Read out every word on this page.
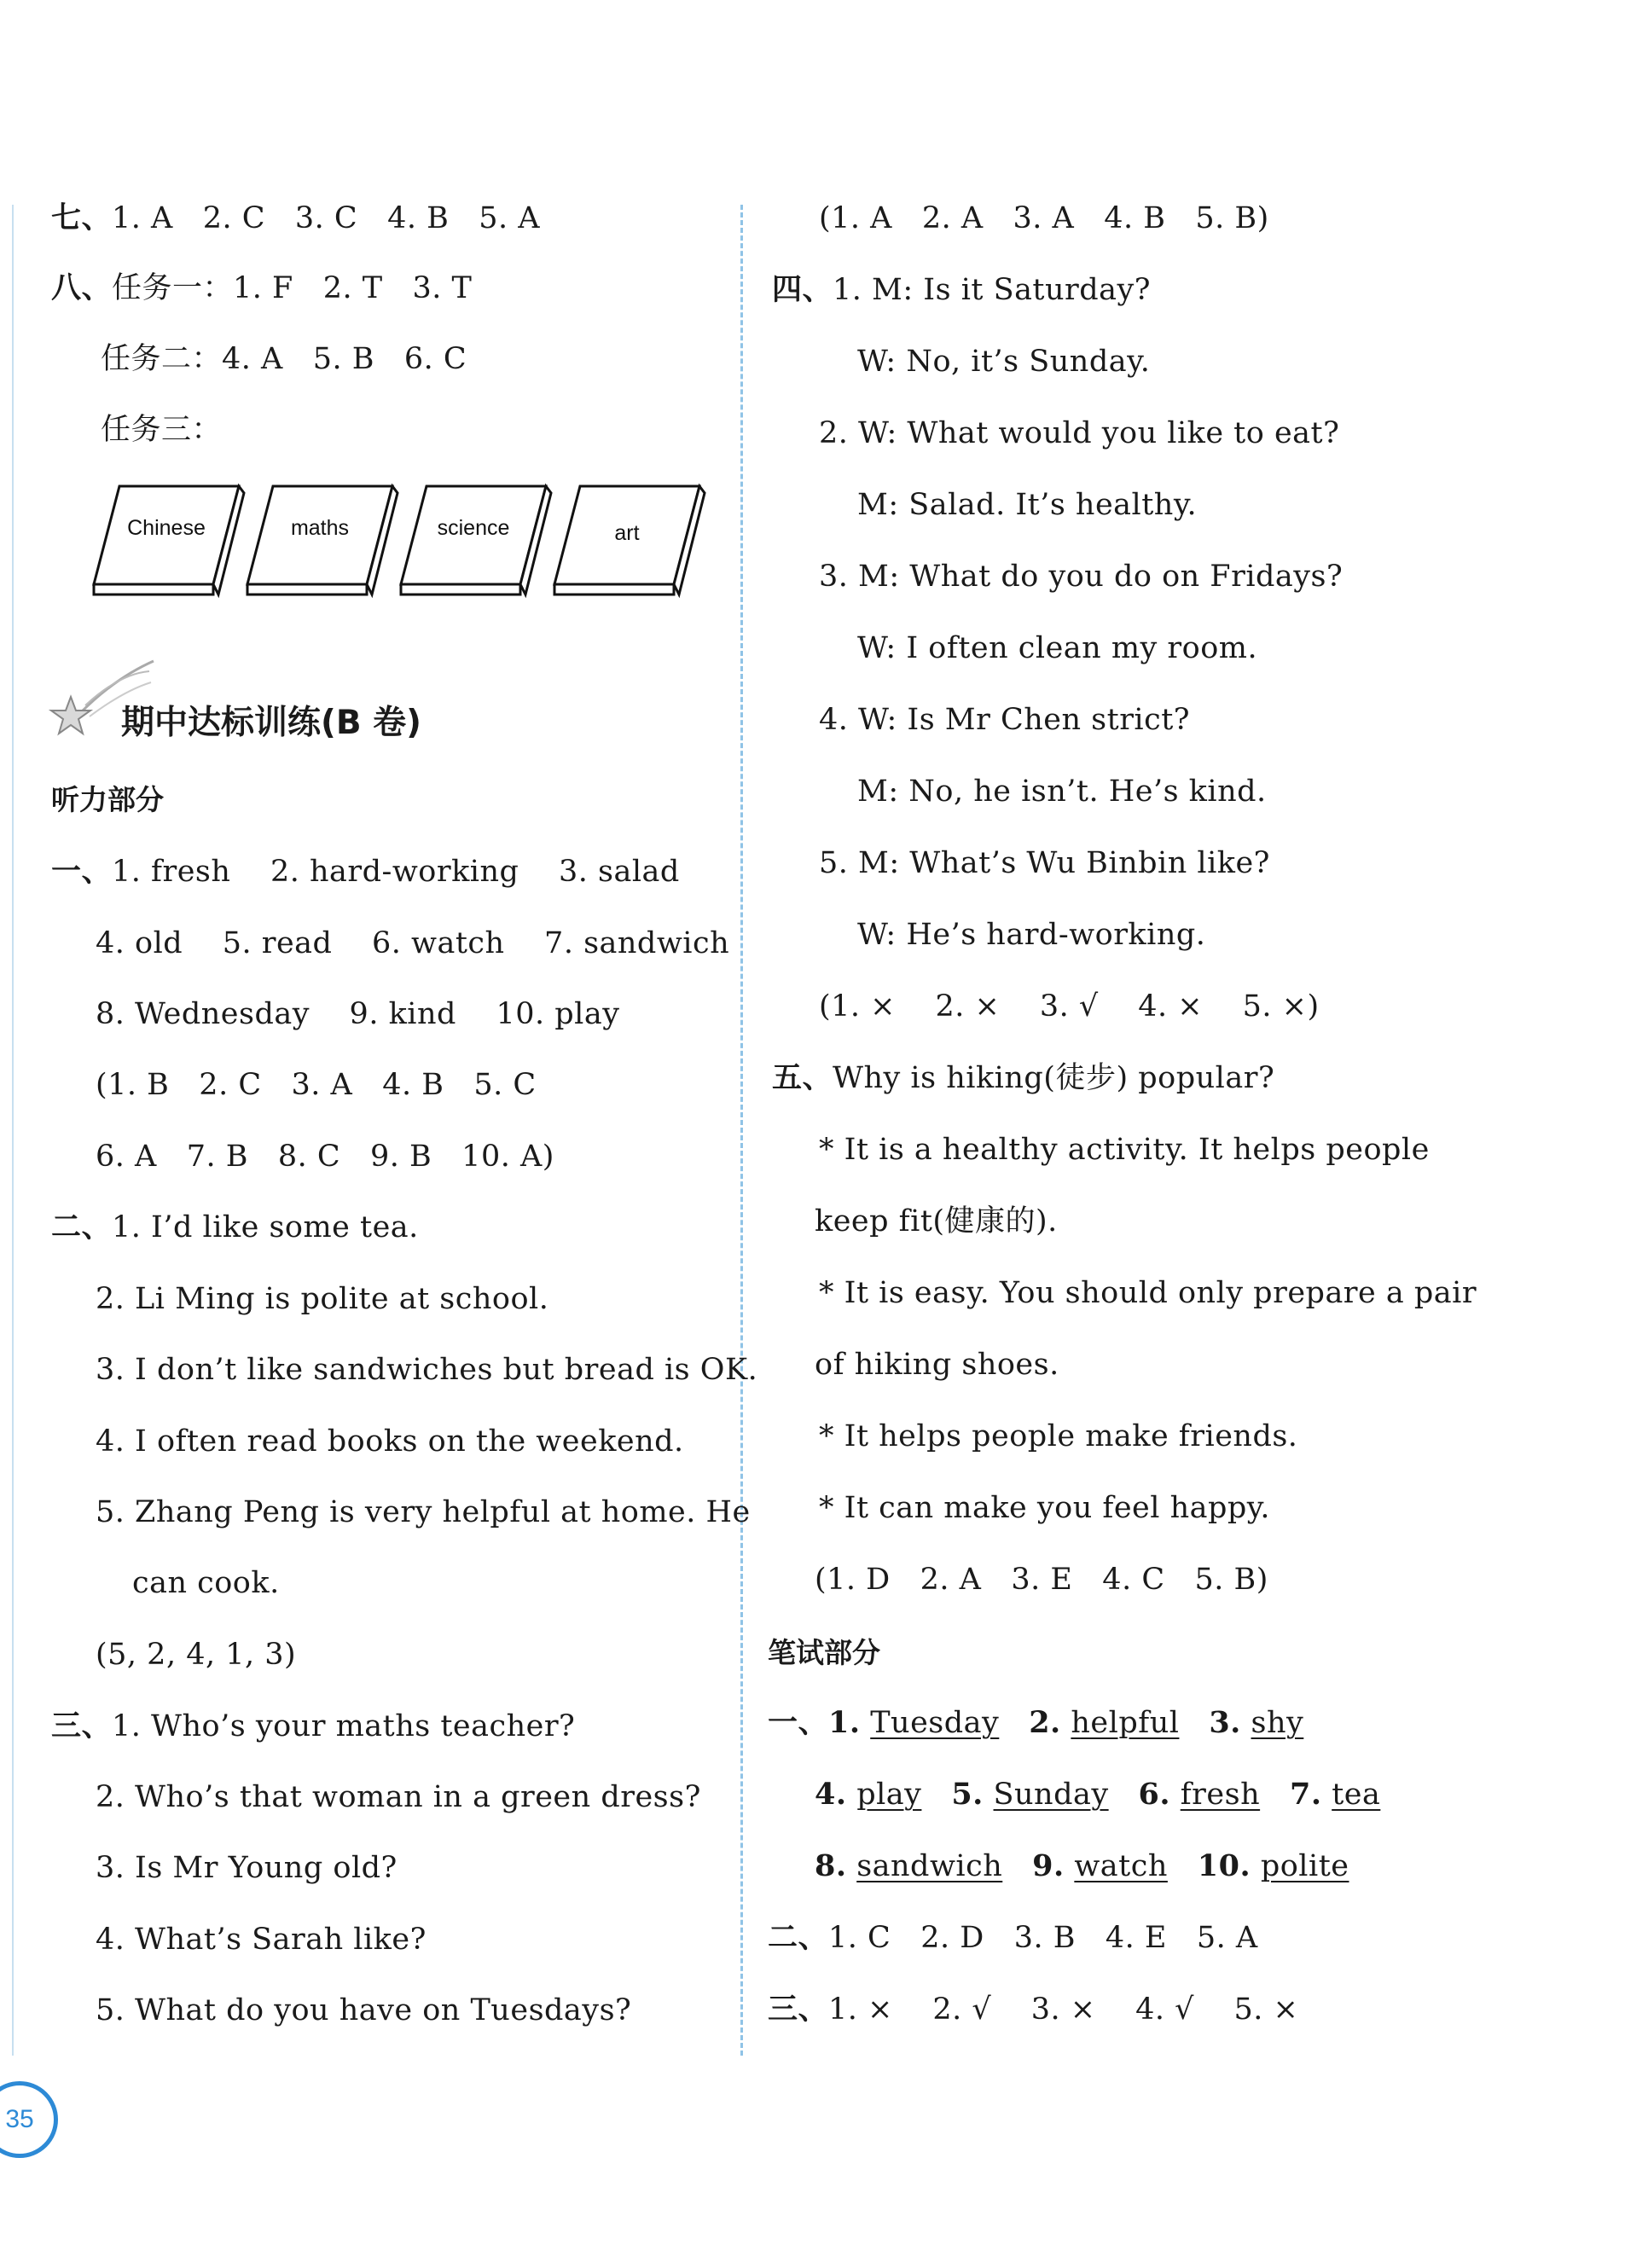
七、1. A 2. C 3. C 4. B 5. A
八、任务一：1. F 2. T 3. T
任务二：4. A 5. B 6. C
任务三：
Chinese	maths	science	art
期中达标训练(B 卷)
听力部分
一、1. fresh 2. hard-working 3. salad
4. old 5. read 6. watch 7. sandwich
8. Wednesday 9. kind 10. play
(1. B 2. C 3. A 4. B 5. C
6. A 7. B 8. C 9. B 10. A)
二、1. I’d like some tea.
2. Li Ming is polite at school.
3. I don’t like sandwiches but bread is OK.
4. I often read books on the weekend.
5. Zhang Peng is very helpful at home. He
can cook.
(5, 2, 4, 1, 3)
三、1. Who’s your maths teacher?
2. Who’s that woman in a green dress?
3. Is Mr Young old?
4. What’s Sarah like?
5. What do you have on Tuesdays?
(1. A 2. A 3. A 4. B 5. B)
四、1. M: Is it Saturday?
W: No, it’s Sunday.
2. W: What would you like to eat?
M: Salad. It’s healthy.
3. M: What do you do on Fridays?
W: I often clean my room.
4. W: Is Mr Chen strict?
M: No, he isn’t. He’s kind.
5. M: What’s Wu Binbin like?
W: He’s hard-working.
(1. × 2. × 3. √ 4. × 5. ×)
五、Why is hiking(徒步) popular?
* It is a healthy activity. It helps people
keep fit(健康的).
* It is easy. You should only prepare a pair
of hiking shoes.
* It helps people make friends.
* It can make you feel happy.
(1. D 2. A 3. E 4. C 5. B)
笔试部分
一、1. Tuesday 2. helpful 3. shy
4. play 5. Sunday 6. fresh 7. tea
8. sandwich 9. watch 10. polite
二、1. C 2. D 3. B 4. E 5. A
三、1. × 2. √ 3. × 4. √ 5. ×
35
